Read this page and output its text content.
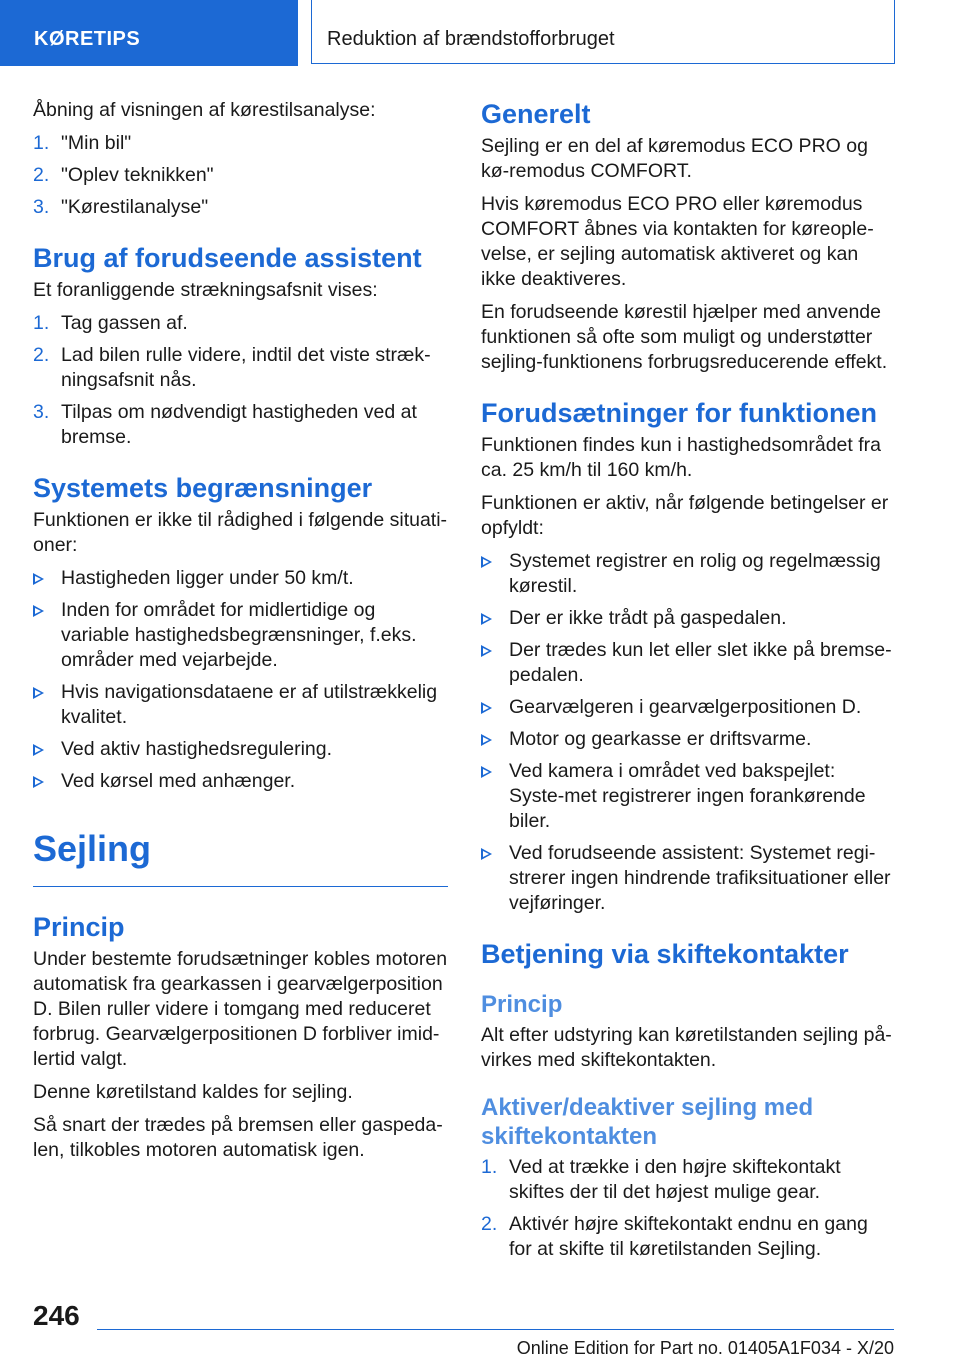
KØRETIPS	Reduktion af brændstofforbruget

Åbning af visningen af kørestilsanalyse:

1. "Min bil"
2. "Oplev teknikken"
3. "Kørestilanalyse"
Brug af forudseende assistent

Et foranliggende strækningsafsnit vises:

1. Tag gassen af.
2. Lad bilen rulle videre, indtil det viste stræk‐ningsafsnit nås.
3. Tilpas om nødvendigt hastigheden ved at bremse.
Systemets begrænsninger

Funktionen er ikke til rådighed i følgende situati‐oner:

Hastigheden ligger under 50 km/t.
Inden for området for midlertidige og variable hastighedsbegrænsninger, f.eks. områder med vejarbejde.
Hvis navigationsdataene er af utilstrækkelig kvalitet.
Ved aktiv hastighedsregulering.
Ved kørsel med anhænger.
Sejling
Princip

Under bestemte forudsætninger kobles motoren automatisk fra gearkassen i gearvælgerposition D. Bilen ruller videre i tomgang med reduceret forbrug. Gearvælgerpositionen D forbliver imid‐lertid valgt.

Denne køretilstand kaldes for sejling.

Så snart der trædes på bremsen eller gaspeda‐len, tilkobles motoren automatisk igen.

Generelt

Sejling er en del af køremodus ECO PRO og kø‐remodus COMFORT.

Hvis køremodus ECO PRO eller køremodus COMFORT åbnes via kontakten for køreople‐velse, er sejling automatisk aktiveret og kan ikke deaktiveres.

En forudseende kørestil hjælper med anvende funktionen så ofte som muligt og understøtter sejling-funktionens forbrugsreducerende effekt.

Forudsætninger for funktionen

Funktionen findes kun i hastighedsområdet fra ca. 25 km/h til 160 km/h.

Funktionen er aktiv, når følgende betingelser er opfyldt:

Systemet registrer en rolig og regelmæssig kørestil.
Der er ikke trådt på gaspedalen.
Der trædes kun let eller slet ikke på bremse‐pedalen.
Gearvælgeren i gearvælgerpositionen D.
Motor og gearkasse er driftsvarme.
Ved kamera i området ved bakspejlet: Syste‐met registrerer ingen forankørende biler.
Ved forudseende assistent: Systemet regi‐strerer ingen hindrende trafiksituationer eller vejføringer.
Betjening via skiftekontakter
Princip

Alt efter udstyring kan køretilstanden sejling på‐virkes med skiftekontakten.

Aktiver/deaktiver sejling med skiftekontakten
1. Ved at trække i den højre skiftekontakt skiftes der til det højest mulige gear.
2. Aktivér højre skiftekontakt endnu en gang for at skifte til køretilstanden Sejling.
246
Online Edition for Part no. 01405A1F034 - X/20
